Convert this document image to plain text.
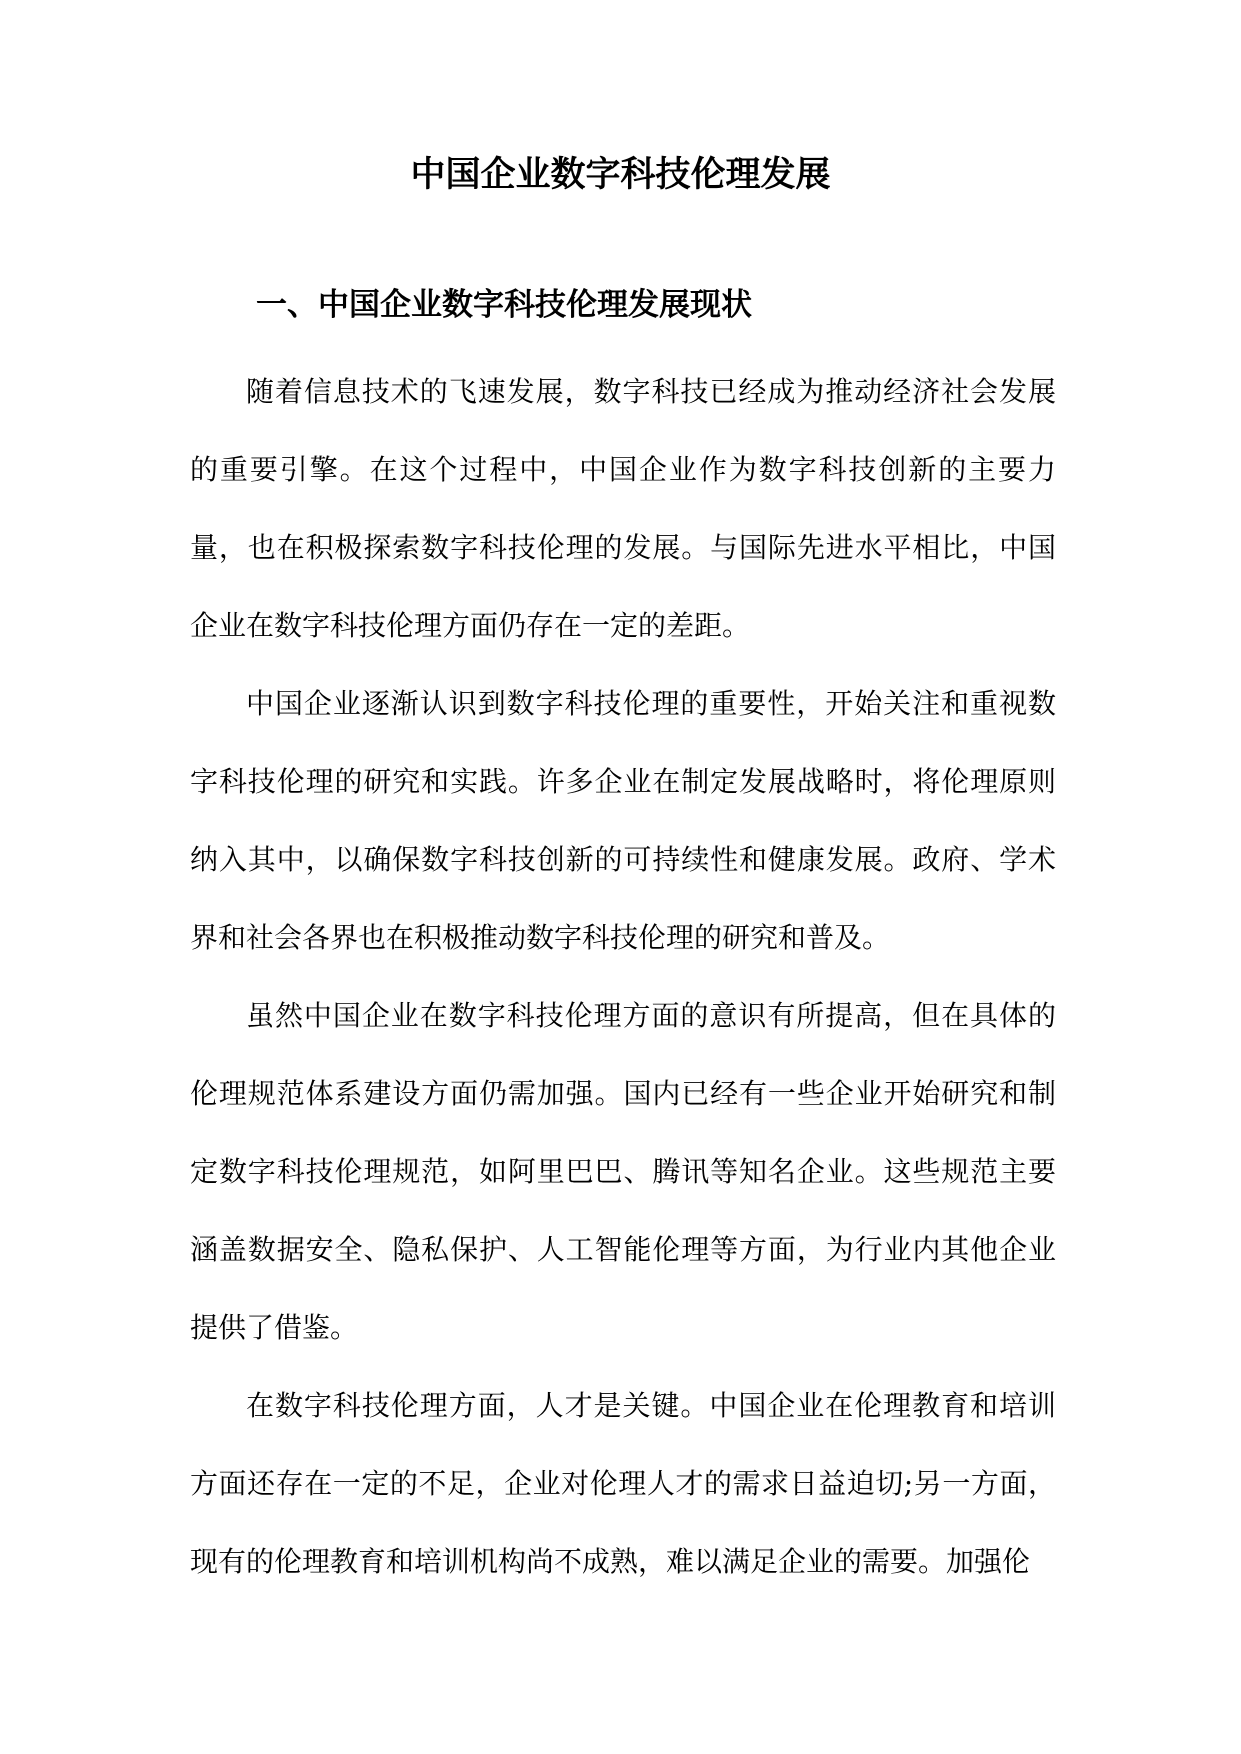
中国企业数字科技伦理发展
一、中国企业数字科技伦理发展现状

随着信息技术的飞速发展，数字科技已经成为推动经济社会发展的重要引擎。在这个过程中，中国企业作为数字科技创新的主要力量，也在积极探索数字科技伦理的发展。与国际先进水平相比，中国企业在数字科技伦理方面仍存在一定的差距。

中国企业逐渐认识到数字科技伦理的重要性，开始关注和重视数字科技伦理的研究和实践。许多企业在制定发展战略时，将伦理原则纳入其中，以确保数字科技创新的可持续性和健康发展。政府、学术界和社会各界也在积极推动数字科技伦理的研究和普及。

虽然中国企业在数字科技伦理方面的意识有所提高，但在具体的伦理规范体系建设方面仍需加强。国内已经有一些企业开始研究和制定数字科技伦理规范，如阿里巴巴、腾讯等知名企业。这些规范主要涵盖数据安全、隐私保护、人工智能伦理等方面，为行业内其他企业提供了借鉴。

在数字科技伦理方面，人才是关键。中国企业在伦理教育和培训方面还存在一定的不足，企业对伦理人才的需求日益迫切;另一方面，现有的伦理教育和培训机构尚不成熟，难以满足企业的需要。加强伦
